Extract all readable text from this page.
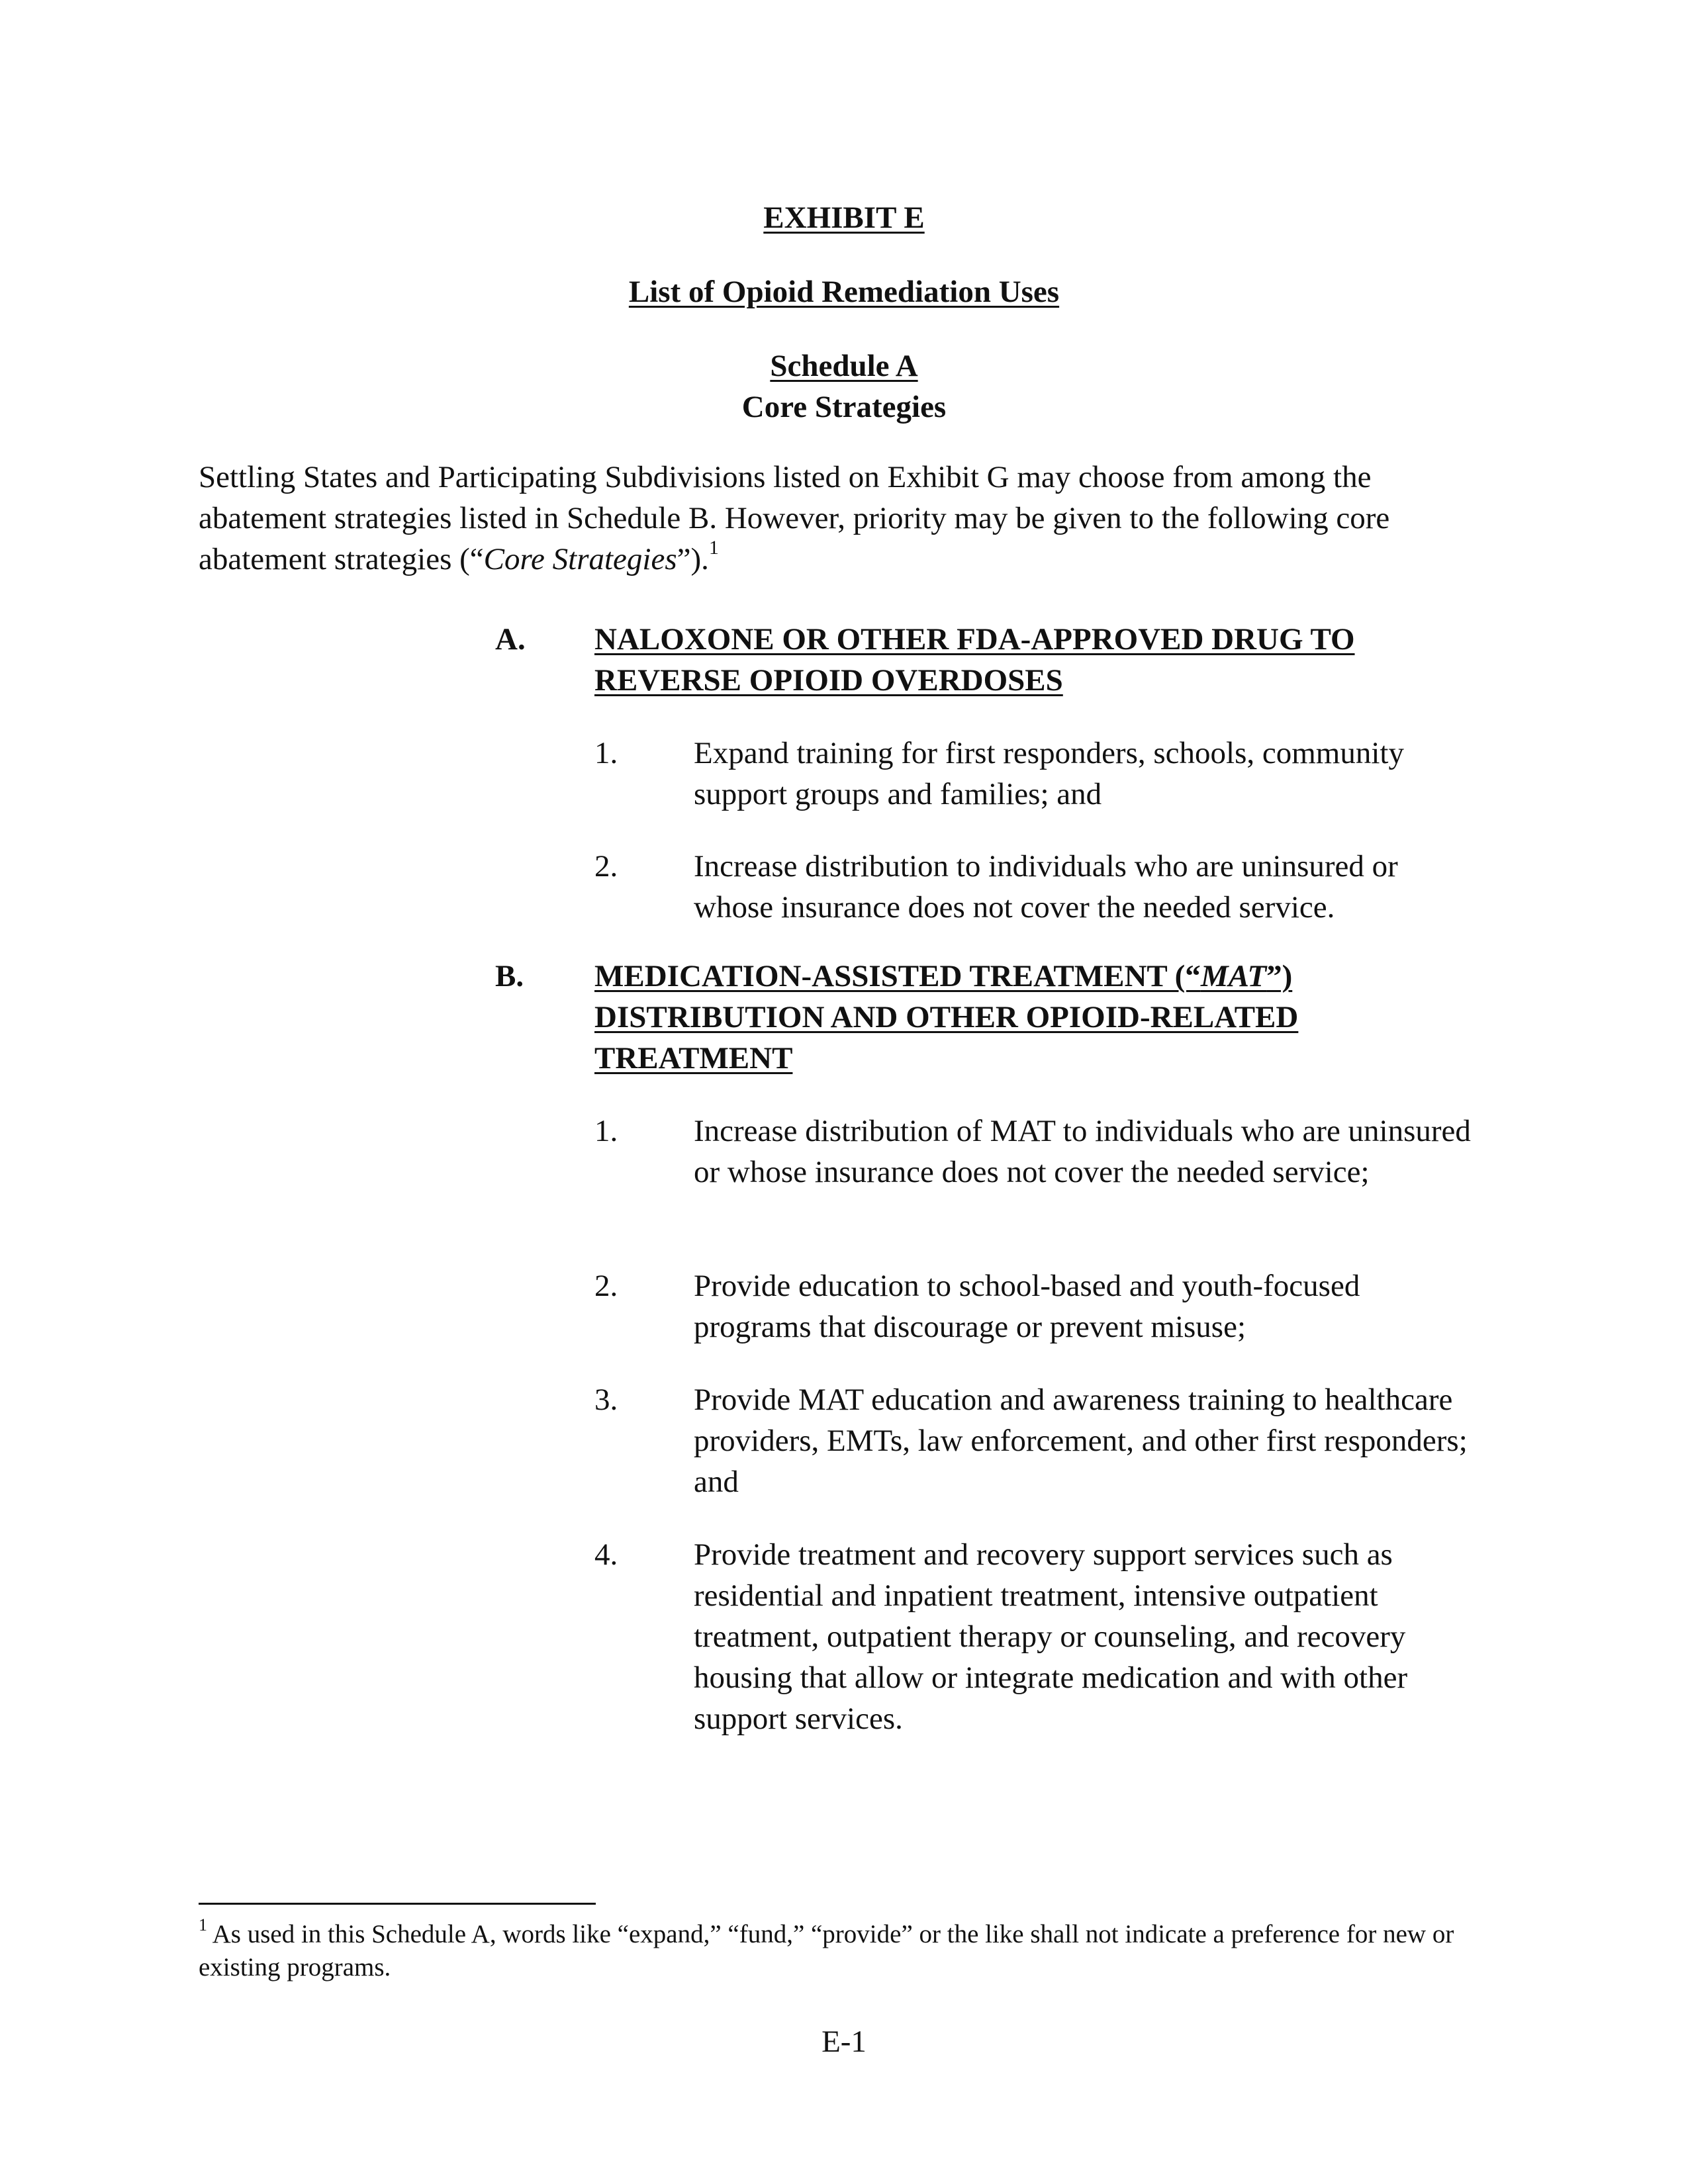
EXHIBIT E
List of Opioid Remediation Uses
Schedule A
Core Strategies
Settling States and Participating Subdivisions listed on Exhibit G may choose from among the abatement strategies listed in Schedule B. However, priority may be given to the following core abatement strategies (“Core Strategies”).$^1$
A. NALOXONE OR OTHER FDA-APPROVED DRUG TO REVERSE OPIOID OVERDOSES
1. Expand training for first responders, schools, community support groups and families; and
2. Increase distribution to individuals who are uninsured or whose insurance does not cover the needed service.
B. MEDICATION-ASSISTED TREATMENT (“MAT”) DISTRIBUTION AND OTHER OPIOID-RELATED TREATMENT
1. Increase distribution of MAT to individuals who are uninsured or whose insurance does not cover the needed service;
2. Provide education to school-based and youth-focused programs that discourage or prevent misuse;
3. Provide MAT education and awareness training to healthcare providers, EMTs, law enforcement, and other first responders; and
4. Provide treatment and recovery support services such as residential and inpatient treatment, intensive outpatient treatment, outpatient therapy or counseling, and recovery housing that allow or integrate medication and with other support services.
$^1$ As used in this Schedule A, words like “expand,” “fund,” “provide” or the like shall not indicate a preference for new or existing programs.
E-1
